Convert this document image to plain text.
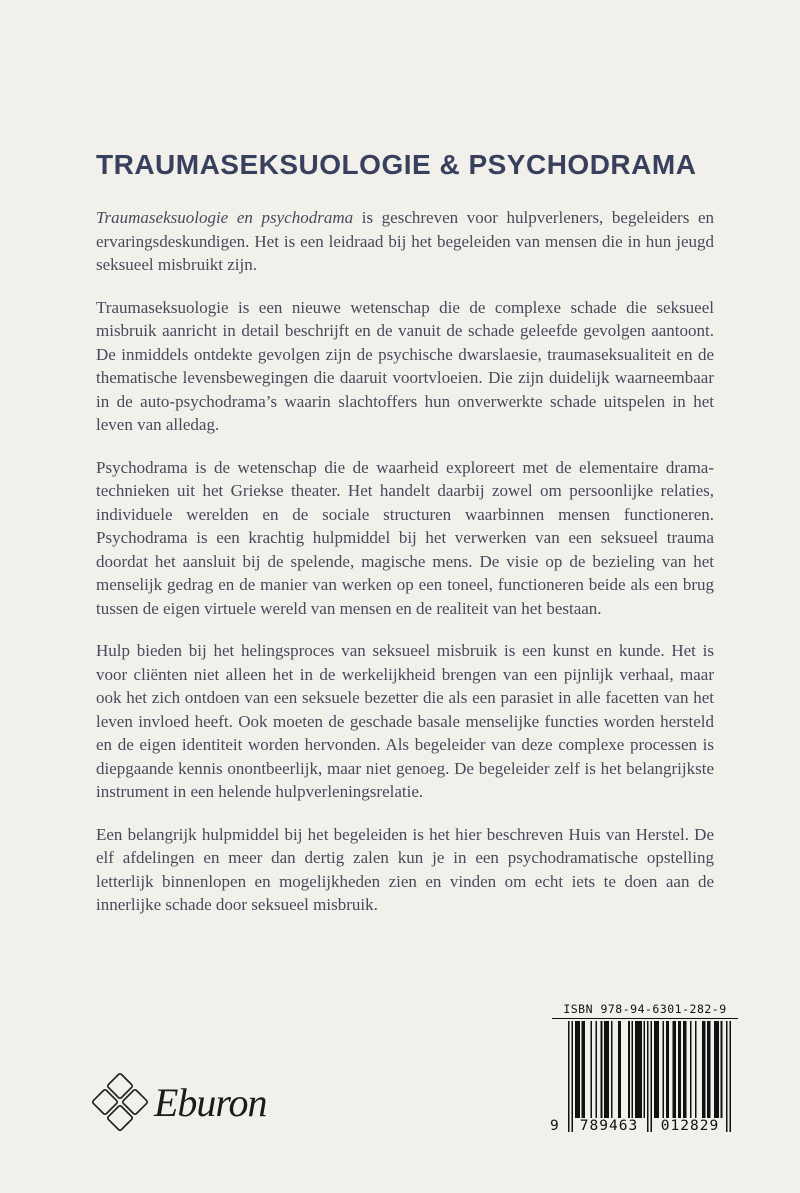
TRAUMASEKSUOLOGIE & PSYCHODRAMA

Traumaseksuologie en psychodrama is geschreven voor hulpverleners, begeleiders en ervaringsdeskundigen. Het is een leidraad bij het begeleiden van mensen die in hun jeugd seksueel misbruikt zijn.

Traumaseksuologie is een nieuwe wetenschap die de complexe schade die seksueel misbruik aanricht in detail beschrijft en de vanuit de schade geleefde gevolgen aantoont. De inmiddels ontdekte gevolgen zijn de psychische dwarslaesie, traumaseksualiteit en de thematische levensbewegingen die daaruit voortvloeien. Die zijn duidelijk waarneembaar in de auto-psychodrama’s waarin slachtoffers hun onverwerkte schade uitspelen in het leven van alledag.

Psychodrama is de wetenschap die de waarheid exploreert met de elementaire drama-technieken uit het Griekse theater. Het handelt daarbij zowel om persoonlijke relaties, individuele werelden en de sociale structuren waarbinnen mensen functioneren. Psychodrama is een krachtig hulpmiddel bij het verwerken van een seksueel trauma doordat het aansluit bij de spelende, magische mens. De visie op de bezieling van het menselijk gedrag en de manier van werken op een toneel, functioneren beide als een brug tussen de eigen virtuele wereld van mensen en de realiteit van het bestaan.

Hulp bieden bij het helingsproces van seksueel misbruik is een kunst en kunde. Het is voor cliënten niet alleen het in de werkelijkheid brengen van een pijnlijk verhaal, maar ook het zich ontdoen van een seksuele bezetter die als een parasiet in alle facetten van het leven invloed heeft. Ook moeten de geschade basale menselijke functies worden hersteld en de eigen identiteit worden hervonden. Als begeleider van deze complexe processen is diepgaande kennis onontbeerlijk, maar niet genoeg. De begeleider zelf is het belangrijkste instrument in een helende hulpverleningsrelatie.

Een belangrijk hulpmiddel bij het begeleiden is het hier beschreven Huis van Herstel. De elf afdelingen en meer dan dertig zalen kun je in een psychodramatische opstelling letterlijk binnenlopen en mogelijkheden zien en vinden om echt iets te doen aan de innerlijke schade door seksueel misbruik.

Eburon
ISBN 978-94-6301-282-9
9	789463	012829
